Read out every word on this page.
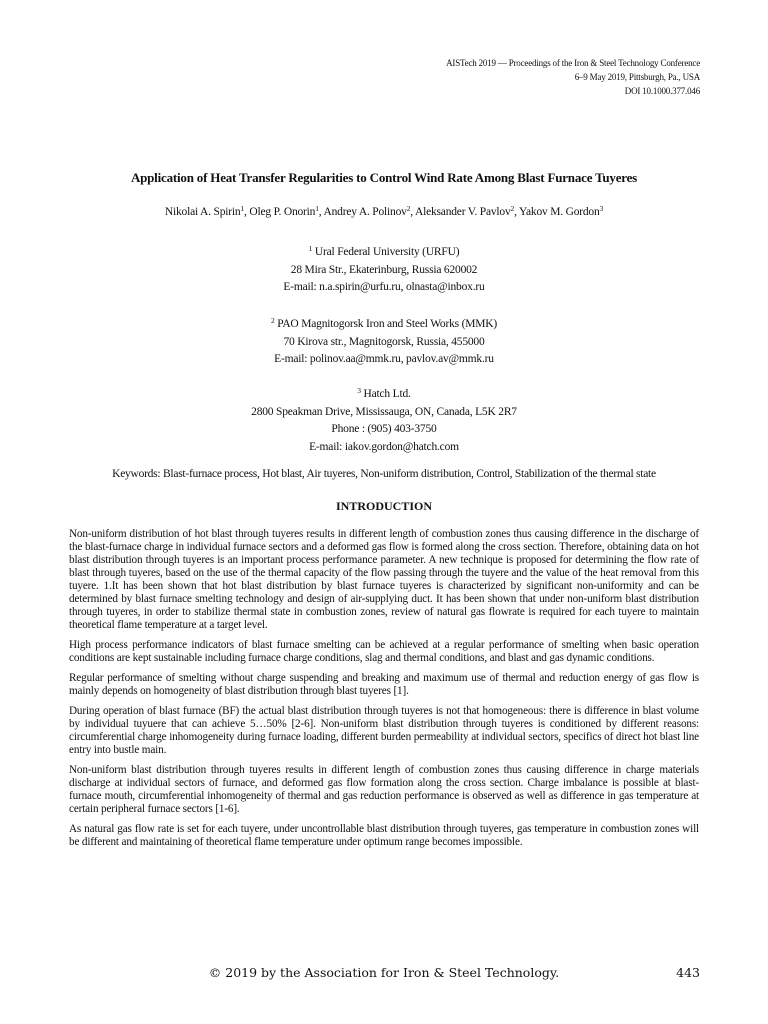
AISTech 2019 — Proceedings of the Iron & Steel Technology Conference
6–9 May 2019, Pittsburgh, Pa., USA
DOI 10.1000.377.046
Application of Heat Transfer Regularities to Control Wind Rate Among Blast Furnace Tuyeres
Nikolai A. Spirin$^1$, Oleg P. Onorin$^1$, Andrey A. Polinov$^2$, Aleksander V. Pavlov$^2$, Yakov M. Gordon$^3$
$^1$ Ural Federal University (URFU)
28 Mira Str., Ekaterinburg, Russia 620002
E-mail: n.a.spirin@urfu.ru, olnasta@inbox.ru
$^2$ PAO Magnitogorsk Iron and Steel Works (MMK)
70 Kirova str., Magnitogorsk, Russia, 455000
E-mail: polinov.aa@mmk.ru, pavlov.av@mmk.ru
$^3$ Hatch Ltd.
2800 Speakman Drive, Mississauga, ON, Canada, L5K 2R7
Phone : (905) 403-3750
E-mail: iakov.gordon@hatch.com
Keywords: Blast-furnace process, Hot blast, Air tuyeres, Non-uniform distribution, Control, Stabilization of the thermal state
INTRODUCTION

Non-uniform distribution of hot blast through tuyeres results in different length of combustion zones thus causing difference in the discharge of the blast-furnace charge in individual furnace sectors and a deformed gas flow is formed along the cross section. Therefore, obtaining data on hot blast distribution through tuyeres is an important process performance parameter. A new technique is proposed for determining the flow rate of blast through tuyeres, based on the use of the thermal capacity of the flow passing through the tuyere and the value of the heat removal from this tuyere. 1.It has been shown that hot blast distribution by blast furnace tuyeres is characterized by significant non-uniformity and can be determined by blast furnace smelting technology and design of air-supplying duct. It has been shown that under non-uniform blast distribution through tuyeres, in order to stabilize thermal state in combustion zones, review of natural gas flowrate is required for each tuyere to maintain theoretical flame temperature at a target level.

High process performance indicators of blast furnace smelting can be achieved at a regular performance of smelting when basic operation conditions are kept sustainable including furnace charge conditions, slag and thermal conditions, and blast and gas dynamic conditions.

Regular performance of smelting without charge suspending and breaking and maximum use of thermal and reduction energy of gas flow is mainly depends on homogeneity of blast distribution through blast tuyeres [1].

During operation of blast furnace (BF) the actual blast distribution through tuyeres is not that homogeneous: there is difference in blast volume by individual tuyuere that can achieve 5…50% [2-6]. Non-uniform blast distribution through tuyeres is conditioned by different reasons: circumferential charge inhomogeneity during furnace loading, different burden permeability at individual sectors, specifics of direct hot blast line entry into bustle main.

Non-uniform blast distribution through tuyeres results in different length of combustion zones thus causing difference in charge materials discharge at individual sectors of furnace, and deformed gas flow formation along the cross section. Charge imbalance is possible at blast-furnace mouth, circumferential inhomogeneity of thermal and gas reduction performance is observed as well as difference in gas temperature at certain peripheral furnace sectors [1-6].

As natural gas flow rate is set for each tuyere, under uncontrollable blast distribution through tuyeres, gas temperature in combustion zones will be different and maintaining of theoretical flame temperature under optimum range becomes impossible.

© 2019 by the Association for Iron & Steel Technology.	443
